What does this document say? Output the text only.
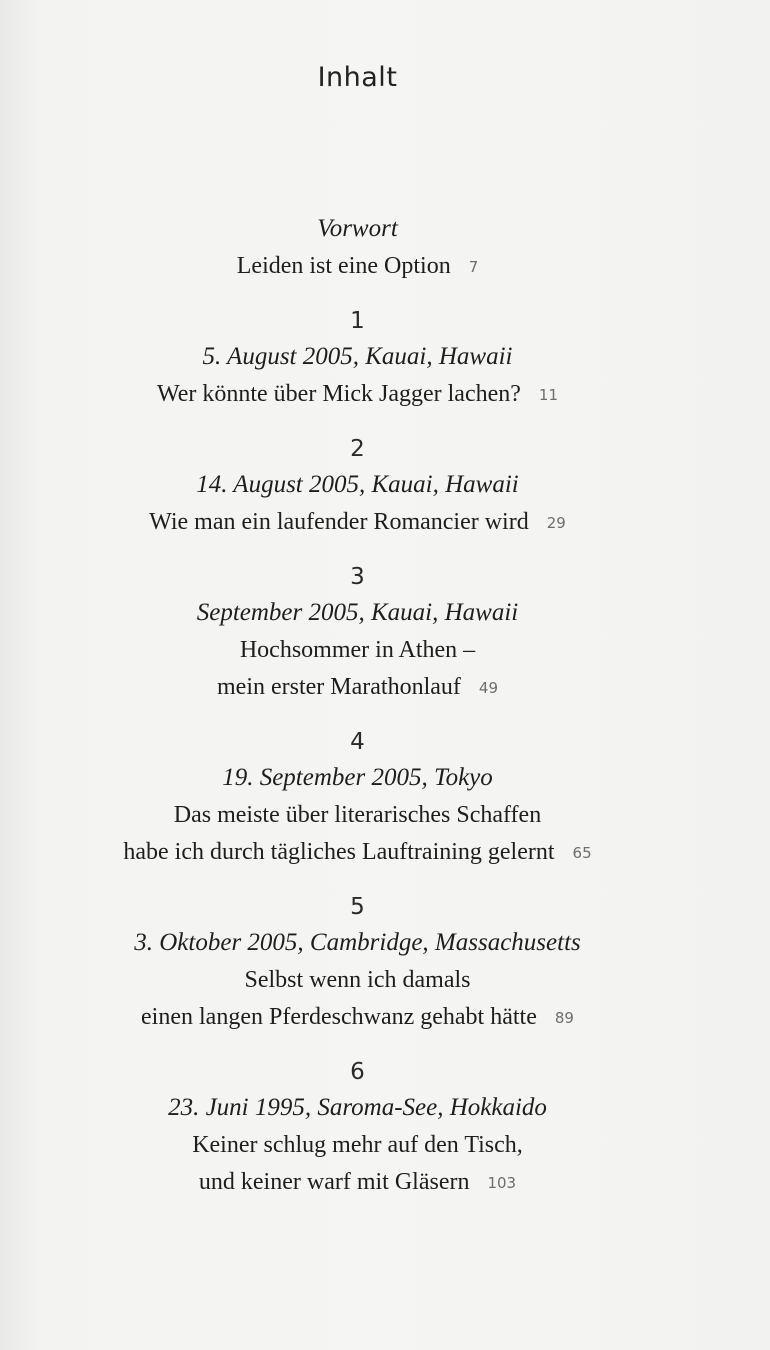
Inhalt
Vorwort
Leiden ist eine Option 7
1
5. August 2005, Kauai, Hawaii
Wer könnte über Mick Jagger lachen? 11
2
14. August 2005, Kauai, Hawaii
Wie man ein laufender Romancier wird 29
3
September 2005, Kauai, Hawaii
Hochsommer in Athen –
mein erster Marathonlauf 49
4
19. September 2005, Tokyo
Das meiste über literarisches Schaffen
habe ich durch tägliches Lauftraining gelernt 65
5
3. Oktober 2005, Cambridge, Massachusetts
Selbst wenn ich damals
einen langen Pferdeschwanz gehabt hätte 89
6
23. Juni 1995, Saroma-See, Hokkaido
Keiner schlug mehr auf den Tisch,
und keiner warf mit Gläsern 103
